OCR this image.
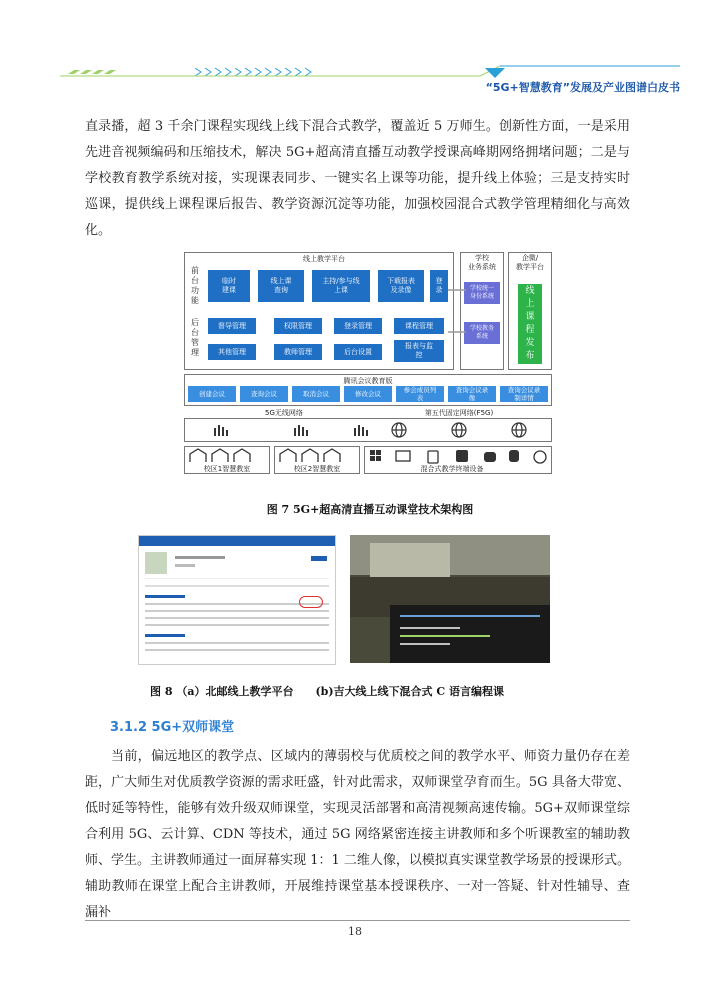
“5G+智慧教育”发展及产业图谱白皮书

直录播，超 3 千余门课程实现线上线下混合式教学，覆盖近 5 万师生。创新性方面，一是采用先进音视频编码和压缩技术，解决 5G+超高清直播互动教学授课高峰期网络拥堵问题；二是与学校教育教学系统对接，实现课表同步、一键实名上课等功能，提升线上体验；三是支持实时巡课，提供线上课程课后报告、教学资源沉淀等功能，加强校园混合式教学管理精细化与高效化。

线上教学平台
前
台
功
能
后
台
管
理
临时
建课
线上课
查询
主持/参与线
上课
下载报表
及录像
登
录
督导管理	权限管理	登录管理	课程管理
其他管理	教师管理	后台设置
报表与监
控
学校
业务系统
学校统一
身份系统
学校教务
系统
企微/
教学平台
线
上
课
程
发
布
腾讯会议教育版
创建会议	查询会议	取消会议	修改会议	参会成员列
表
查询会议录
像
查询会议录
制详情
5G无线网络	第五代固定网络(F5G)
校区1智慧教室	校区2智慧教室	混合式教学终端设备
图 7 5G+超高清直播互动课堂技术架构图
图 8 （a）北邮线上教学平台　　(b)吉大线上线下混合式 C 语言编程课
3.1.2 5G+双师课堂

当前，偏远地区的教学点、区域内的薄弱校与优质校之间的教学水平、师资力量仍存在差距，广大师生对优质教学资源的需求旺盛，针对此需求，双师课堂孕育而生。5G 具备大带宽、低时延等特性，能够有效升级双师课堂，实现灵活部署和高清视频高速传输。5G+双师课堂综合利用 5G、云计算、CDN 等技术，通过 5G 网络紧密连接主讲教师和多个听课教室的辅助教师、学生。主讲教师通过一面屏幕实现 1：1 二维人像，以模拟真实课堂教学场景的授课形式。辅助教师在课堂上配合主讲教师，开展维持课堂基本授课秩序、一对一答疑、针对性辅导、查漏补

18
